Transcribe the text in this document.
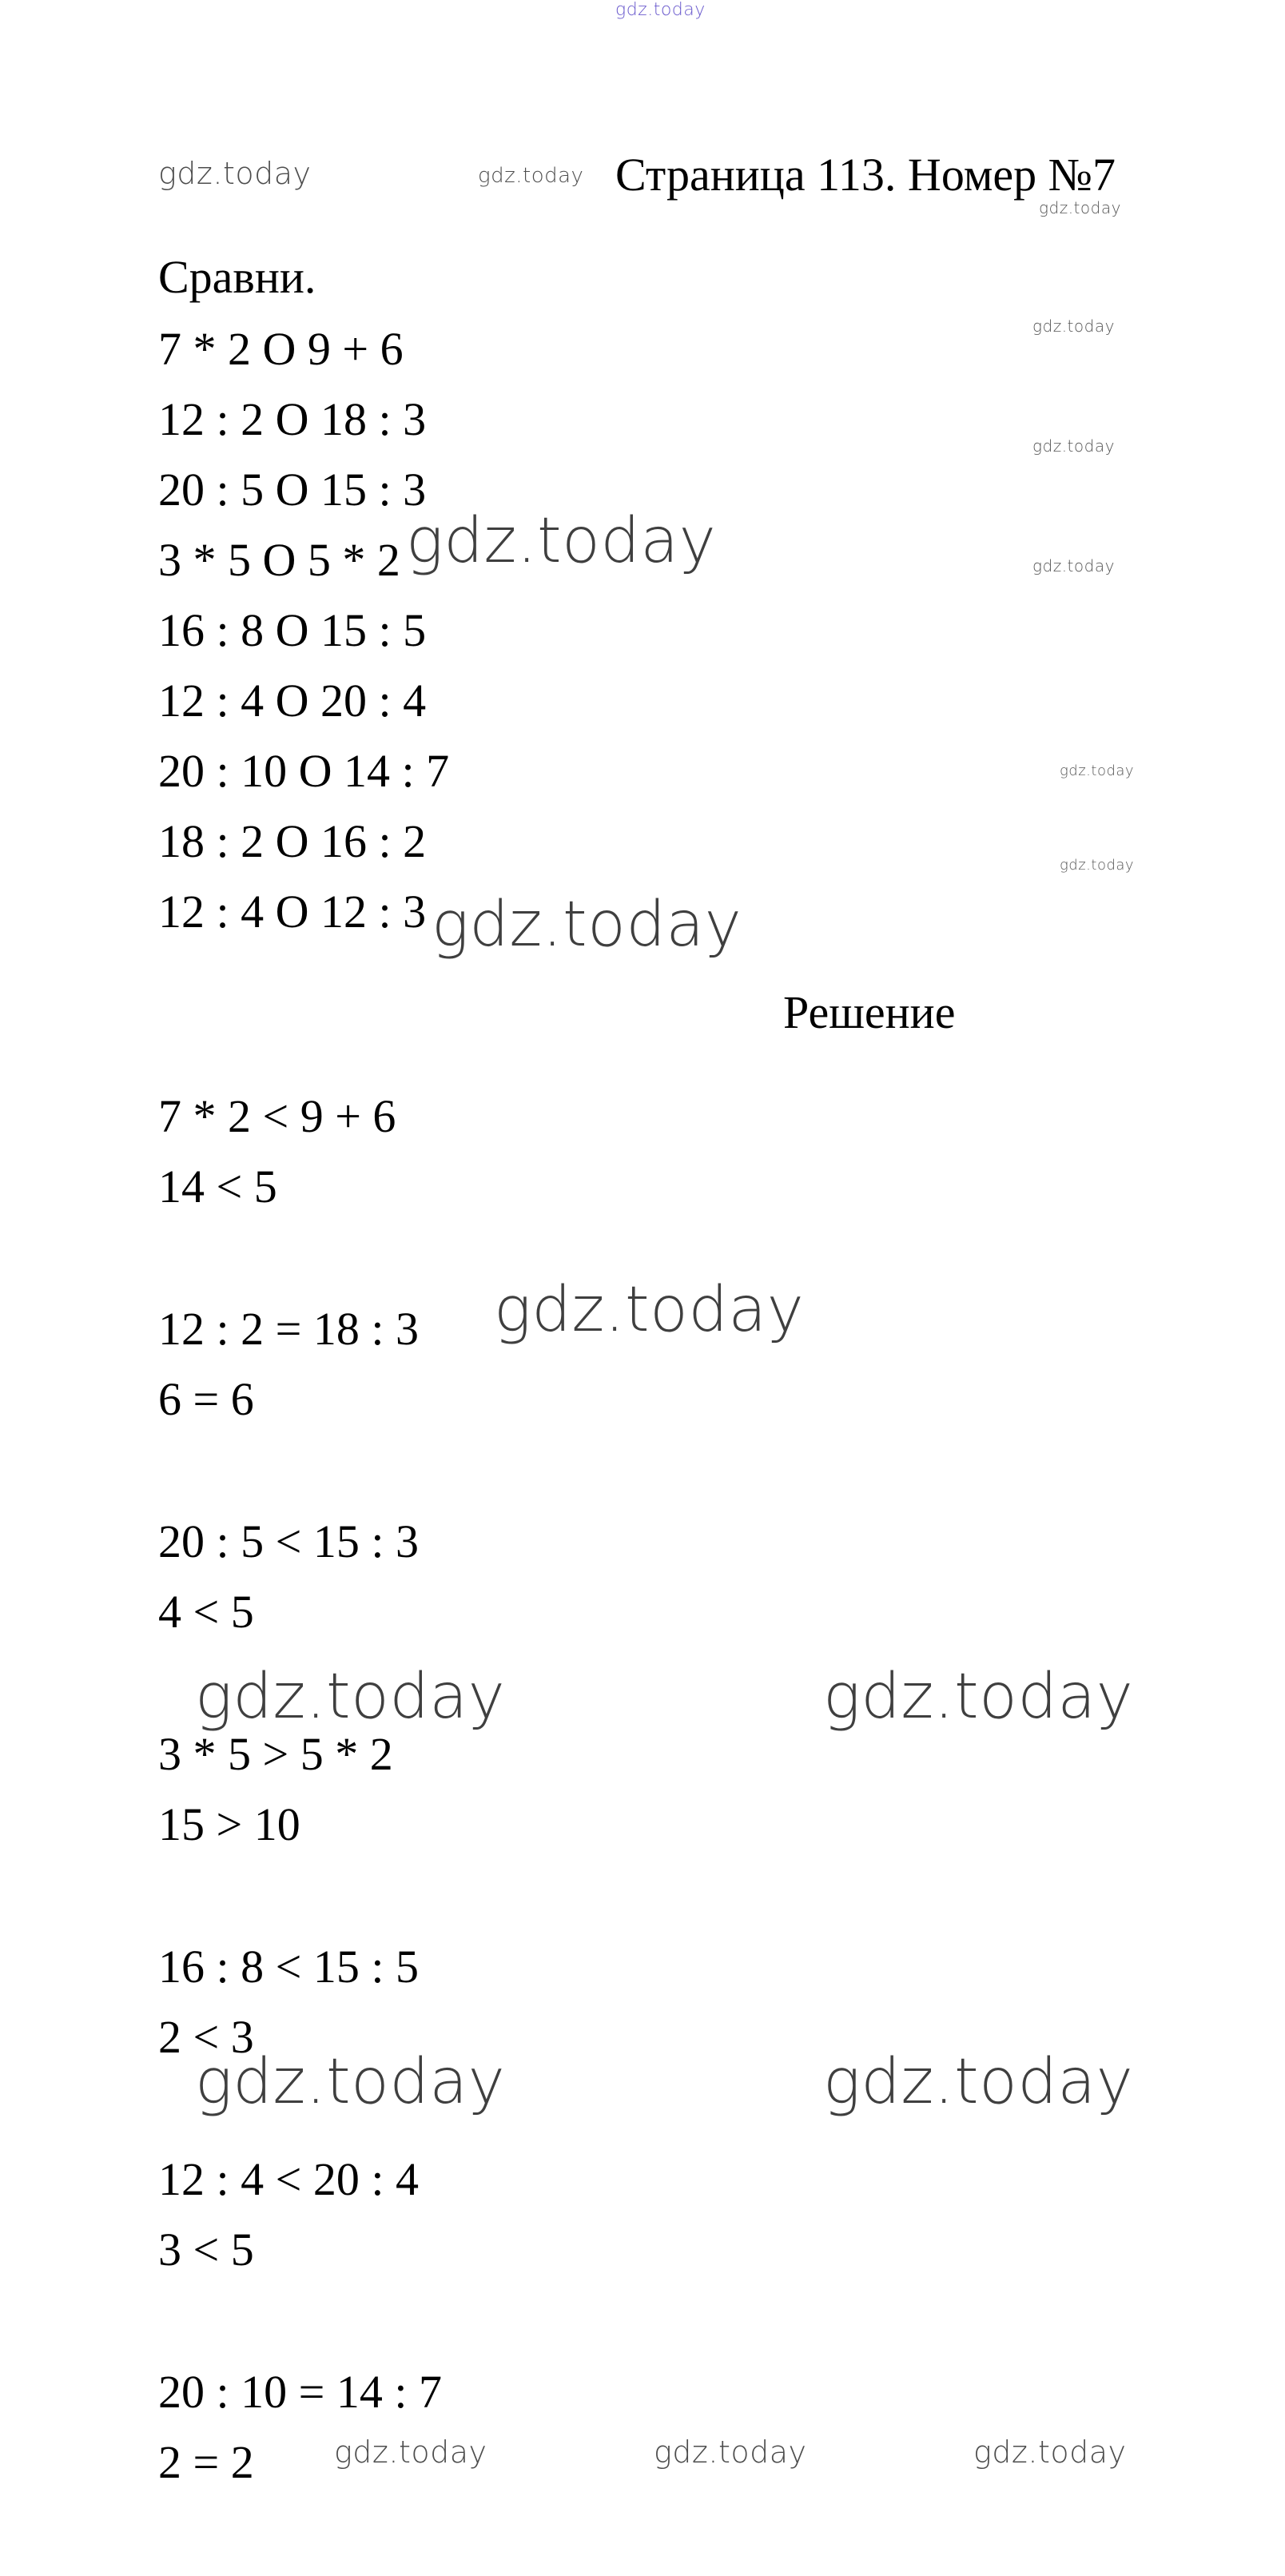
Страница 113. Номер №7
Сравни.
7 * 2 О 9 + 6
12 : 2 О 18 : 3
20 : 5 О 15 : 3
3 * 5 О 5 * 2
16 : 8 О 15 : 5
12 : 4 О 20 : 4
20 : 10 О 14 : 7
18 : 2 О 16 : 2
12 : 4 О 12 : 3
Решение
7 * 2 < 9 + 6
14 < 5
12 : 2 = 18 : 3
6 = 6
20 : 5 < 15 : 3
4 < 5
3 * 5 > 5 * 2
15 > 10
16 : 8 < 15 : 5
2 < 3
12 : 4 < 20 : 4
3 < 5
20 : 10 = 14 : 7
2 = 2
gdz.today
gdz.today	gdz.today
gdz.today
gdz.today
gdz.today
gdz.today
gdz.today
gdz.today
gdz.today
gdz.today
gdz.today
gdz.today	gdz.today
gdz.today	gdz.today
gdz.today	gdz.today	gdz.today
